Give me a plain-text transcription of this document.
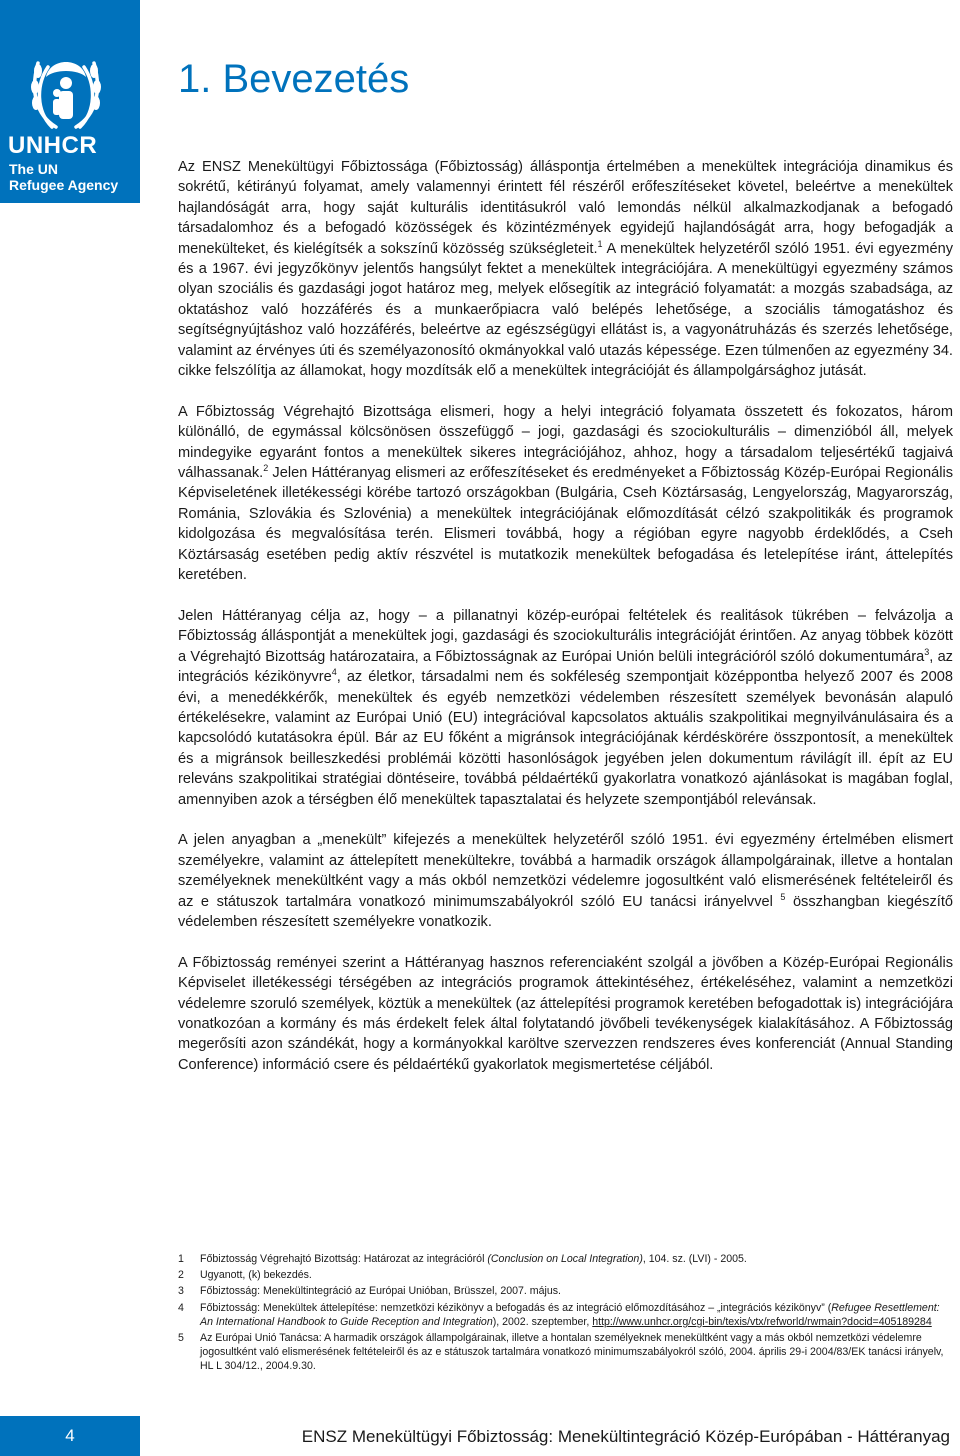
UNHCR
The UN
Refugee Agency
1. Bevezetés

Az ENSZ Menekültügyi Főbiztossága (Főbiztosság) álláspontja értelmében a menekültek integrációja dinamikus és sokrétű, kétirányú folyamat, amely valamennyi érintett fél részéről erőfeszítéseket követel, beleértve a menekültek hajlandóságát arra, hogy saját kulturális identitásukról való lemondás nélkül alkalmazkodjanak a befogadó társadalomhoz és a befogadó közösségek és közintézmények egyidejű hajlandóságát arra, hogy befogadják a menekülteket, és kielégítsék a sokszínű közösség szükségleteit.$^1$ A menekültek helyzetéről szóló 1951. évi egyezmény és a 1967. évi jegyzőkönyv jelentős hangsúlyt fektet a menekültek integrációjára. A menekültügyi egyezmény számos olyan szociális és gazdasági jogot határoz meg, melyek elősegítik az integráció folyamatát: a mozgás szabadsága, az oktatáshoz való hozzáférés és a munkaerőpiacra való belépés lehetősége, a szociális támogatáshoz és segítségnyújtáshoz való hozzáférés, beleértve az egészségügyi ellátást is, a vagyonátruházás és szerzés lehetősége, valamint az érvényes úti és személyazonosító okmányokkal való utazás képessége. Ezen túlmenően az egyezmény 34. cikke felszólítja az államokat, hogy mozdítsák elő a menekültek integrációját és állampolgársághoz jutását.

A Főbiztosság Végrehajtó Bizottsága elismeri, hogy a helyi integráció folyamata összetett és fokozatos, három különálló, de egymással kölcsönösen összefüggő – jogi, gazdasági és szociokulturális – dimenzióból áll, melyek mindegyike egyaránt fontos a menekültek sikeres integrációjához, ahhoz, hogy a társadalom teljesértékű tagjaivá válhassanak.$^2$ Jelen Háttéranyag elismeri az erőfeszítéseket és eredményeket a Főbiztosság Közép-Európai Regionális Képviseletének illetékességi körébe tartozó országokban (Bulgária, Cseh Köztársaság, Lengyelország, Magyarország, Románia, Szlovákia és Szlovénia) a menekültek integrációjának előmozdítását célzó szakpolitikák és programok kidolgozása és megvalósítása terén. Elismeri továbbá, hogy a régióban egyre nagyobb érdeklődés, a Cseh Köztársaság esetében pedig aktív részvétel is mutatkozik menekültek befogadása és letelepítése iránt, áttelepítés keretében.

Jelen Háttéranyag célja az, hogy – a pillanatnyi közép-európai feltételek és realitások tükrében – felvázolja a Főbiztosság álláspontját a menekültek jogi, gazdasági és szociokulturális integrációját érintően. Az anyag többek között a Végrehajtó Bizottság határozataira, a Főbiztosságnak az Európai Unión belüli integrációról szóló dokumentumára$^3$, az integrációs kézikönyvre$^4$, az életkor, társadalmi nem és sokféleség szempontjait középpontba helyező 2007 és 2008 évi, a menedékkérők, menekültek és egyéb nemzetközi védelemben részesített személyek bevonásán alapuló értékelésekre, valamint az Európai Unió (EU) integrációval kapcsolatos aktuális szakpolitikai megnyilvánulásaira és a kapcsolódó kutatásokra épül. Bár az EU főként a migránsok integrációjának kérdéskörére összpontosít, a menekültek és a migránsok beilleszkedési problémái közötti hasonlóságok jegyében jelen dokumentum rávilágít ill. épít az EU releváns szakpolitikai stratégiai döntéseire, továbbá példaértékű gyakorlatra vonatkozó ajánlásokat is magában foglal, amennyiben azok a térségben élő menekültek tapasztalatai és helyzete szempontjából relevánsak.

A jelen anyagban a „menekült” kifejezés a menekültek helyzetéről szóló 1951. évi egyezmény értelmében elismert személyekre, valamint az áttelepített menekültekre, továbbá a harmadik országok állampolgárainak, illetve a hontalan személyeknek menekültként vagy a más okból nemzetközi védelemre jogosultként való elismerésének feltételeiről és az e státuszok tartalmára vonatkozó minimumszabályokról szóló EU tanácsi irányelvvel $^5$ összhangban kiegészítő védelemben részesített személyekre vonatkozik.

A Főbiztosság reményei szerint a Háttéranyag hasznos referenciaként szolgál a jövőben a Közép-Európai Regionális Képviselet illetékességi térségében az integrációs programok áttekintéséhez, értékeléséhez, valamint a nemzetközi védelemre szoruló személyek, köztük a menekültek (az áttelepítési programok keretében befogadottak is) integrációjára vonatkozóan a kormány és más érdekelt felek által folytatandó jövőbeli tevékenységek kialakításához. A Főbiztosság megerősíti azon szándékát, hogy a kormányokkal karöltve szervezzen rendszeres éves konferenciát (Annual Standing Conference) információ csere és példaértékű gyakorlatok megismertetése céljából.

1 Főbiztosság Végrehajtó Bizottság: Határozat az integrációról (Conclusion on Local Integration), 104. sz. (LVI) - 2005.
2 Ugyanott, (k) bekezdés.
3 Főbiztosság: Menekültintegráció az Európai Unióban, Brüsszel, 2007. május.
4 Főbiztosság: Menekültek áttelepítése: nemzetközi kézikönyv a befogadás és az integráció előmozdításához – „integrációs kézikönyv” (Refugee Resettlement: An International Handbook to Guide Reception and Integration), 2002. szeptember, http://www.unhcr.org/cgi-bin/texis/vtx/refworld/rwmain?docid=405189284
5 Az Európai Unió Tanácsa: A harmadik országok állampolgárainak, illetve a hontalan személyeknek menekültként vagy a más okból nemzetközi védelemre jogosultként való elismerésének feltételeiről és az e státuszok tartalmára vonatkozó minimumszabályokról szóló, 2004. április 29-i 2004/83/EK tanácsi irányelv, HL L 304/12., 2004.9.30.
4	ENSZ Menekültügyi Főbiztosság: Menekültintegráció Közép-Európában - Háttéranyag
